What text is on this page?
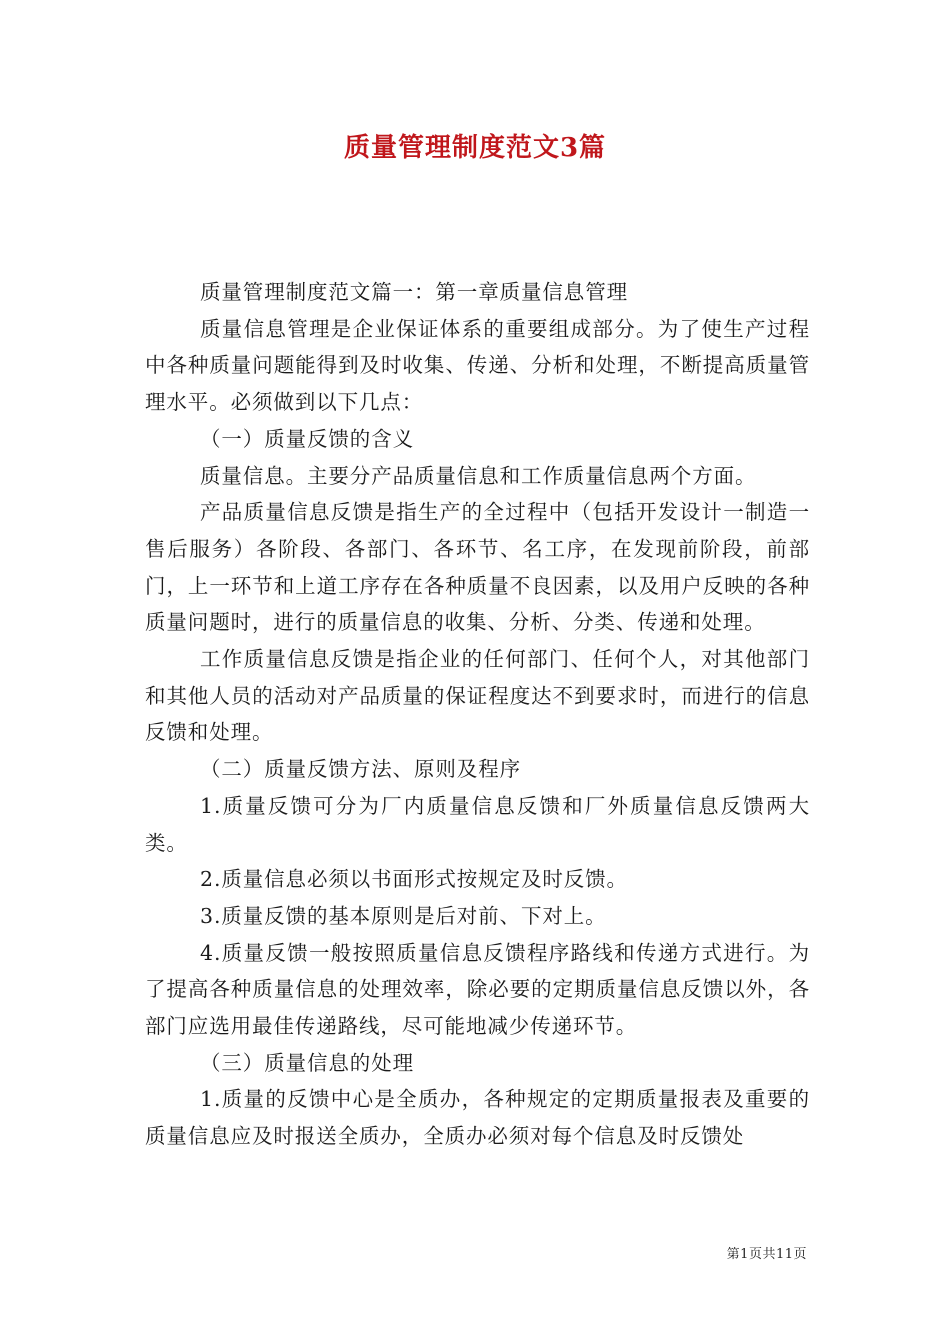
质量管理制度范文3篇

质量管理制度范文篇一：第一章质量信息管理

质量信息管理是企业保证体系的重要组成部分。为了使生产过程中各种质量问题能得到及时收集、传递、分析和处理，不断提高质量管理水平。必须做到以下几点：

（一）质量反馈的含义

质量信息。主要分产品质量信息和工作质量信息两个方面。

产品质量信息反馈是指生产的全过程中（包括开发设计一制造一售后服务）各阶段、各部门、各环节、名工序，在发现前阶段，前部门，上一环节和上道工序存在各种质量不良因素，以及用户反映的各种质量问题时，进行的质量信息的收集、分析、分类、传递和处理。

工作质量信息反馈是指企业的任何部门、任何个人，对其他部门和其他人员的活动对产品质量的保证程度达不到要求时，而进行的信息反馈和处理。

（二）质量反馈方法、原则及程序

1.质量反馈可分为厂内质量信息反馈和厂外质量信息反馈两大类。

2.质量信息必须以书面形式按规定及时反馈。

3.质量反馈的基本原则是后对前、下对上。

4.质量反馈一般按照质量信息反馈程序路线和传递方式进行。为了提高各种质量信息的处理效率，除必要的定期质量信息反馈以外，各部门应选用最佳传递路线，尽可能地减少传递环节。

（三）质量信息的处理

1.质量的反馈中心是全质办，各种规定的定期质量报表及重要的质量信息应及时报送全质办，全质办必须对每个信息及时反馈处

第1页共11页
